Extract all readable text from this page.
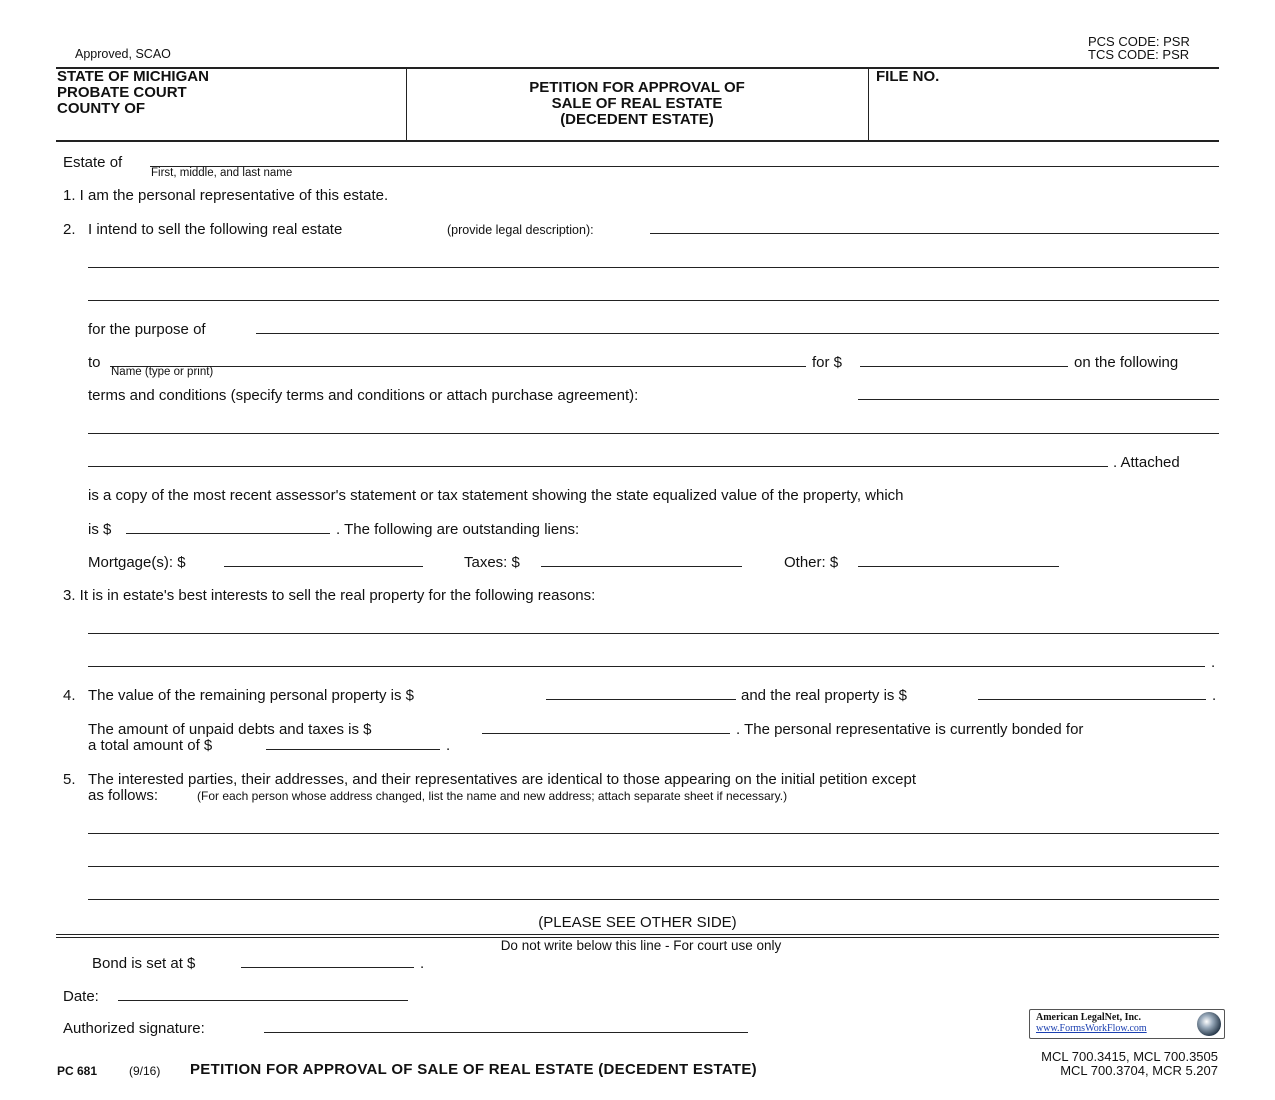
Approved, SCAO
PCS CODE: PSR
TCS CODE: PSR
STATE OF MICHIGAN
PROBATE COURT
COUNTY OF
PETITION FOR APPROVAL OF
SALE OF REAL ESTATE
(DECEDENT ESTATE)
FILE NO.
Estate of
First, middle, and last name
1. I am the personal representative of this estate.
2. I intend to sell the following real estate	(provide legal description):
for the purpose of
to
Name (type or print)
for $	on the following
terms and conditions (specify terms and conditions or attach purchase agreement):
. Attached
is a copy of the most recent assessor's statement or tax statement showing the state equalized value of the property, which
is $	. The following are outstanding liens:
Mortgage(s): $	Taxes: $	Other: $
3. It is in estate's best interests to sell the real property for the following reasons:
.
4. The value of the remaining personal property is $	and the real property is $	.
The amount of unpaid debts and taxes is $	. The personal representative is currently bonded for
a total amount of $	.
5. The interested parties, their addresses, and their representatives are identical to those appearing on the initial petition except
as follows:	(For each person whose address changed, list the name and new address; attach separate sheet if necessary.)
(PLEASE SEE OTHER SIDE)
Do not write below this line - For court use only
Bond is set at $	.
Date:
Authorized signature:
American LegalNet, Inc.
www.FormsWorkFlow.com
PC 681	(9/16) PETITION FOR APPROVAL OF SALE OF REAL ESTATE (DECEDENT ESTATE)
MCL 700.3415, MCL 700.3505
MCL 700.3704, MCR 5.207
